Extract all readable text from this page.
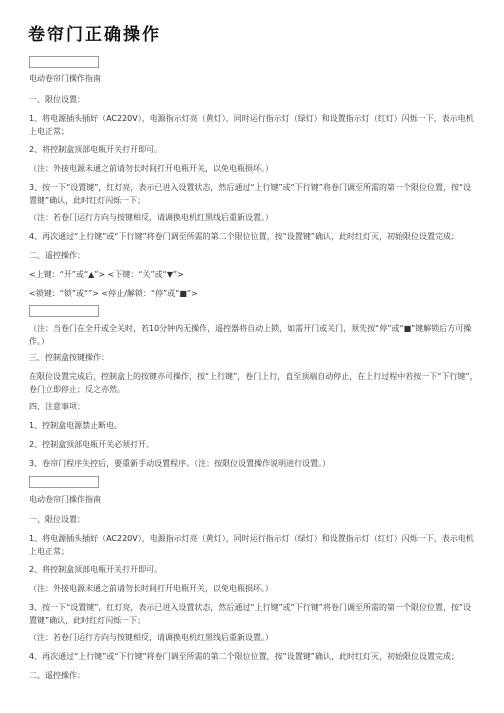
卷帘门正确操作

电动卷帘门操作指南

一、限位设置：

1、将电源插头插好（AC220V），电源指示灯亮（黄灯），同时运行指示灯（绿灯）和设置指示灯（红灯）闪烁一下，表示电机上电正常；

2、将控制盒顶部电瓶开关打开即可。

（注：外接电源未通之前请勿长时间打开电瓶开关，以免电瓶损坏。）

3、按一下“设置键”，红灯亮，表示已进入设置状态，然后通过“上行键”或“下行键”将卷门调至所需的第一个限位位置，按“设置键”确认，此时红灯闪烁一下；

（注：若卷门运行方向与按键相反，请调换电机红黑线后重新设置。）

4、再次通过“上行键”或“下行键”将卷门调至所需的第二个限位位置，按“设置键”确认，此时红灯灭，初始限位设置完成；

二、遥控操作：

<上键：“开”或“▲”> <下键：“关”或“▼”>

<锁键：“锁”或“”> <停止/解锁：“停”或“■”>

（注：当卷门在全开或全关时，若10分钟内无操作，遥控器将自动上锁，如需开门或关门，须先按“停”或“■”键解锁后方可操作。）

三、控制盒按键操作：

在限位设置完成后，控制盒上的按键亦可操作，按“上行键”，卷门上行，直至顶端自动停止，在上行过程中若按一下“下行键”，卷门立即停止；反之亦然。

四、注意事项：

1、控制盒电源禁止断电。

2、控制盒顶部电瓶开关必须打开。

3、卷帘门程序失控后，要重新手动设置程序。（注：按限位设置操作说明进行设置。）

电动卷帘门操作指南

一、限位设置：

1、将电源插头插好（AC220V），电源指示灯亮（黄灯），同时运行指示灯（绿灯）和设置指示灯（红灯）闪烁一下，表示电机上电正常；

2、将控制盒顶部电瓶开关打开即可。

（注：外接电源未通之前请勿长时间打开电瓶开关，以免电瓶损坏。）

3、按一下“设置键”，红灯亮，表示已进入设置状态，然后通过“上行键”或“下行键”将卷门调至所需的第一个限位位置，按“设置键”确认，此时红灯闪烁一下；

（注：若卷门运行方向与按键相反，请调换电机红黑线后重新设置。）

4、再次通过“上行键”或“下行键”将卷门调至所需的第二个限位位置，按“设置键”确认，此时红灯灭，初始限位设置完成；

二、遥控操作：
